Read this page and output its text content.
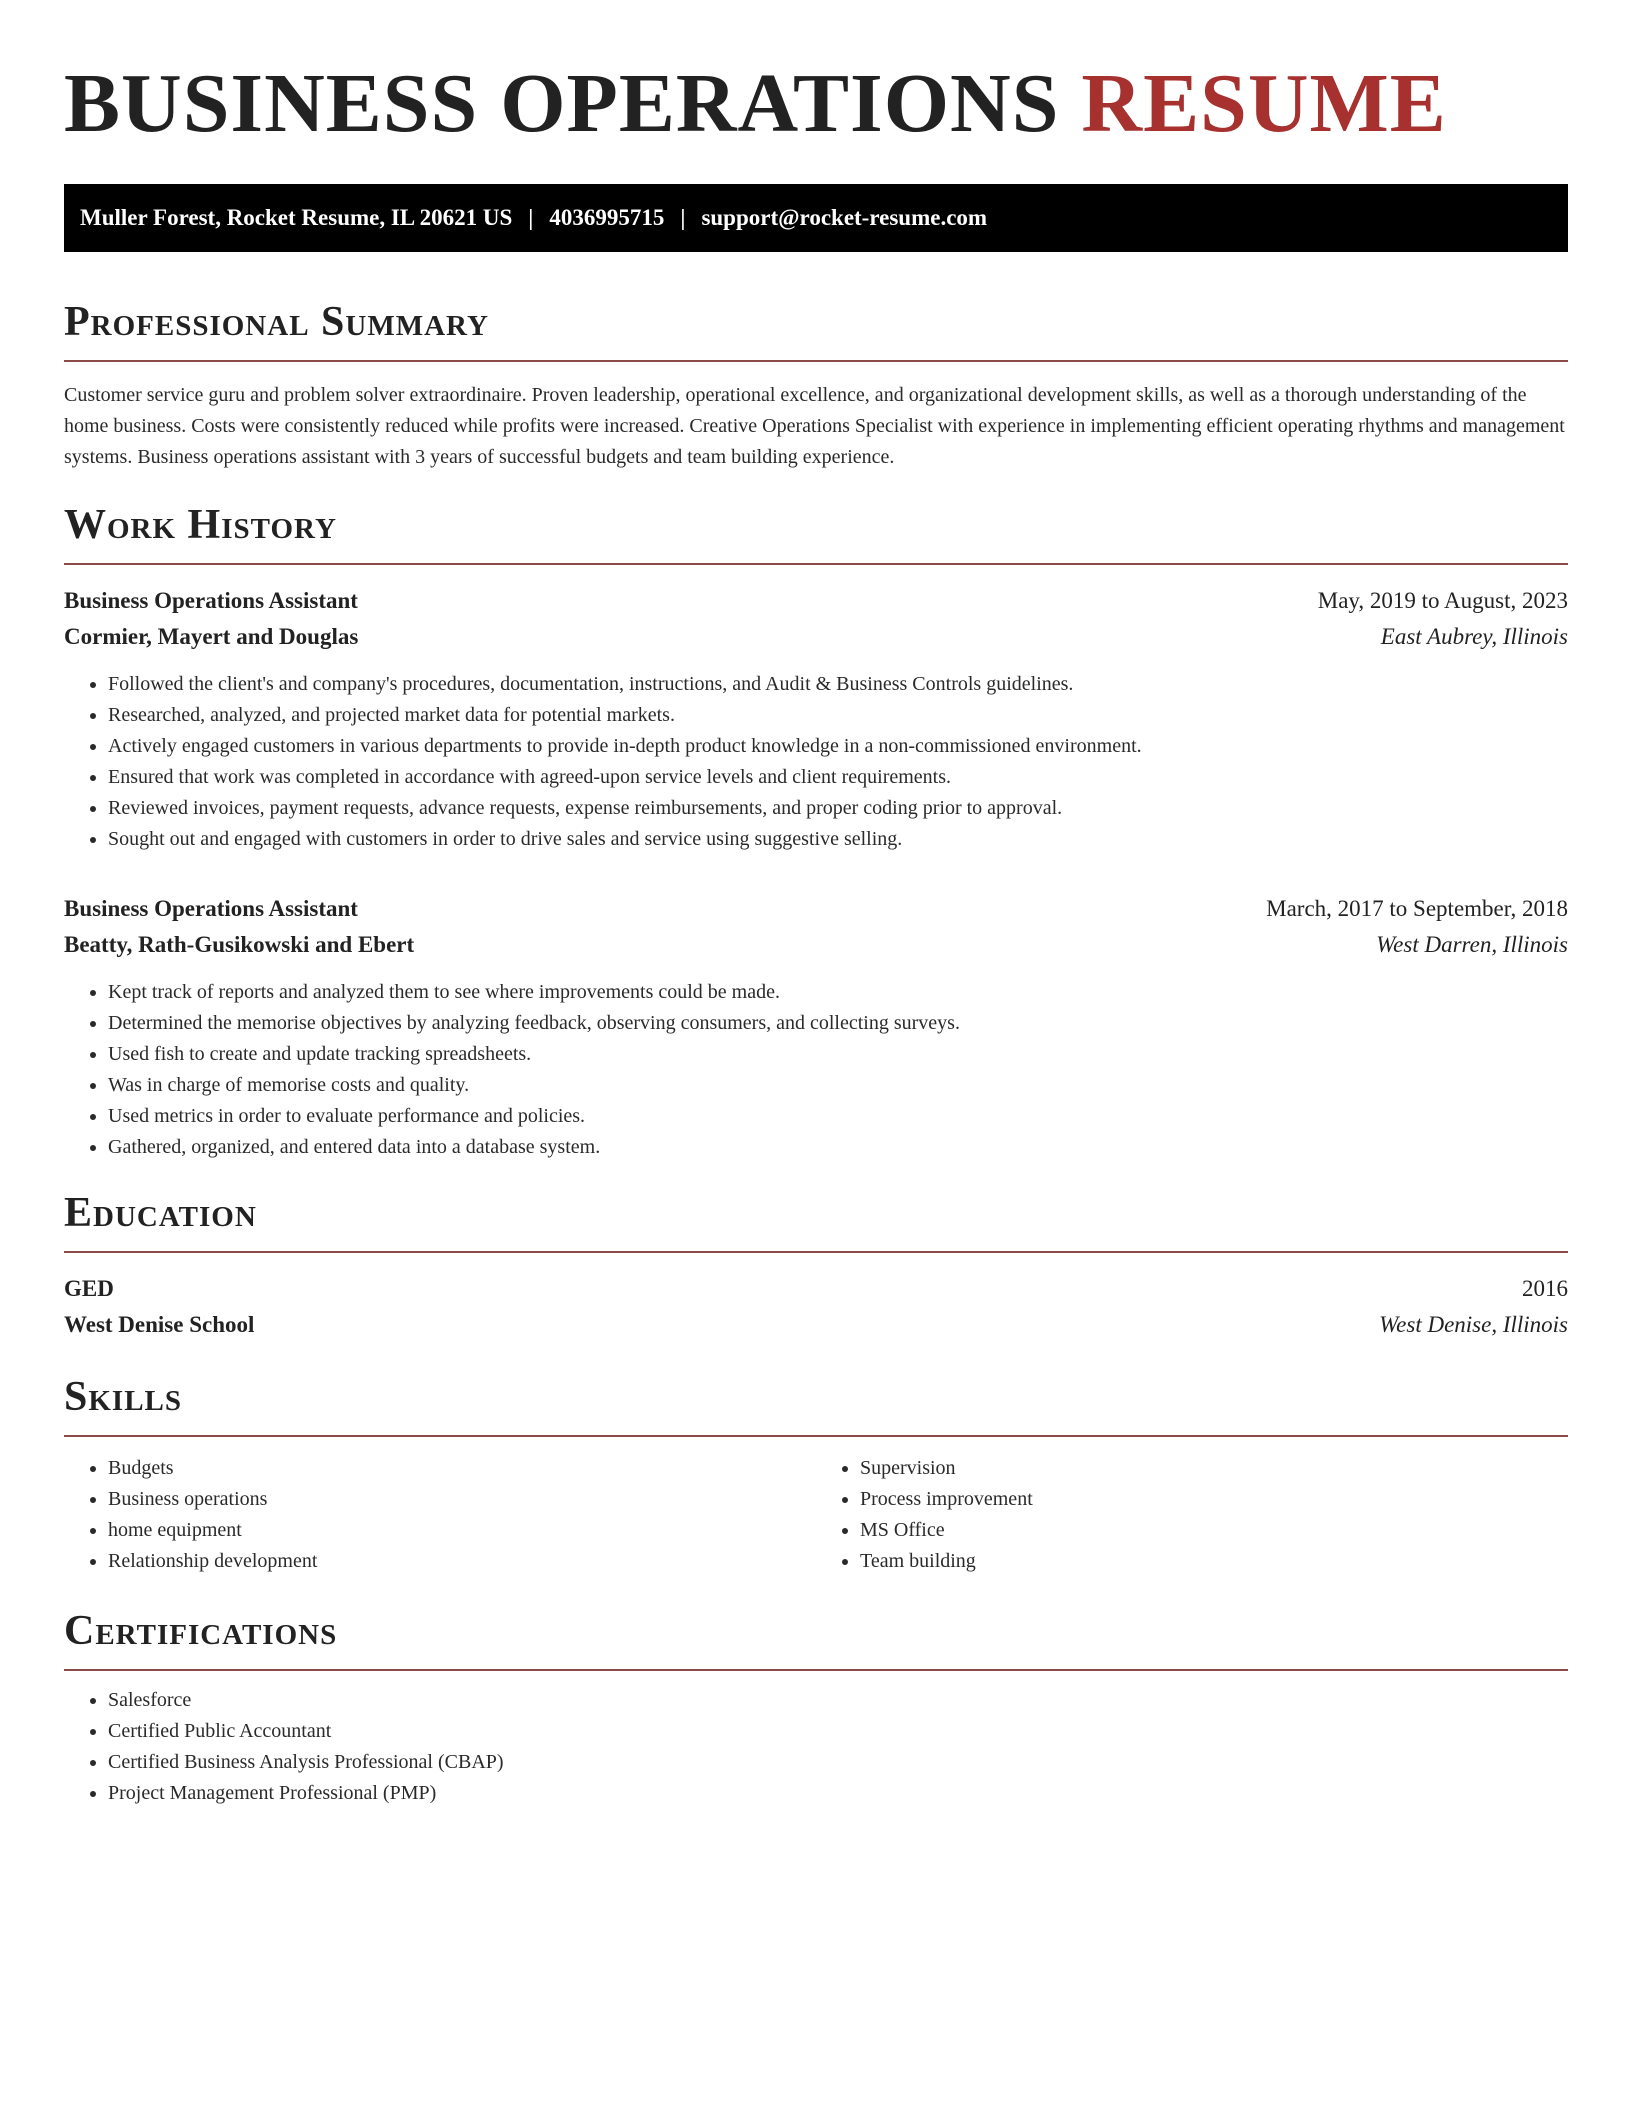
BUSINESS OPERATIONS RESUME
Muller Forest, Rocket Resume, IL 20621 US | 4036995715 | support@rocket-resume.com
Professional Summary

Customer service guru and problem solver extraordinaire. Proven leadership, operational excellence, and organizational development skills, as well as a thorough understanding of the home business. Costs were consistently reduced while profits were increased. Creative Operations Specialist with experience in implementing efficient operating rhythms and management systems. Business operations assistant with 3 years of successful budgets and team building experience.

Work History
Business Operations Assistant	May, 2019 to August, 2023
Cormier, Mayert and Douglas	East Aubrey, Illinois
• Followed the client's and company's procedures, documentation, instructions, and Audit & Business Controls guidelines.
• Researched, analyzed, and projected market data for potential markets.
• Actively engaged customers in various departments to provide in-depth product knowledge in a non-commissioned environment.
• Ensured that work was completed in accordance with agreed-upon service levels and client requirements.
• Reviewed invoices, payment requests, advance requests, expense reimbursements, and proper coding prior to approval.
• Sought out and engaged with customers in order to drive sales and service using suggestive selling.
Business Operations Assistant	March, 2017 to September, 2018
Beatty, Rath-Gusikowski and Ebert	West Darren, Illinois
• Kept track of reports and analyzed them to see where improvements could be made.
• Determined the memorise objectives by analyzing feedback, observing consumers, and collecting surveys.
• Used fish to create and update tracking spreadsheets.
• Was in charge of memorise costs and quality.
• Used metrics in order to evaluate performance and policies.
• Gathered, organized, and entered data into a database system.
Education
GED	2016
West Denise School	West Denise, Illinois
Skills
• Budgets
• Business operations
• home equipment
• Relationship development
• Supervision
• Process improvement
• MS Office
• Team building
Certifications
• Salesforce
• Certified Public Accountant
• Certified Business Analysis Professional (CBAP)
• Project Management Professional (PMP)
